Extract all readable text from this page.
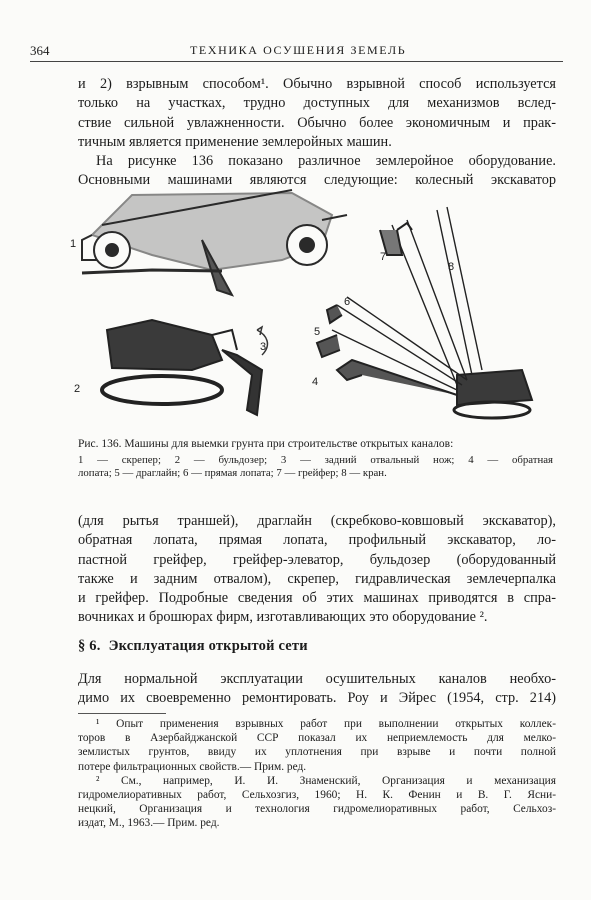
364	ТЕХНИКА ОСУШЕНИЯ ЗЕМЕЛЬ
и 2) взрывным способом¹. Обычно взрывной способ используется
только на участках, трудно доступных для механизмов вслед-
ствие сильной увлажненности. Обычно более экономичным и прак-
тичным является применение землеройных машин.
На рисунке 136 показано различное землеройное оборудование.
Основными машинами являются следующие: колесный экскаватор
1
2
3
4
5
6
7
8
Рис. 136. Машины для выемки грунта при строительстве открытых каналов:
1 — скрепер; 2 — бульдозер; 3 — задний отвальный нож; 4 — обратная
лопата; 5 — драглайн; 6 — прямая лопата; 7 — грейфер; 8 — кран.
(для рытья траншей), драглайн (скребково-ковшовый экскаватор),
обратная лопата, прямая лопата, профильный экскаватор, ло-
пастной грейфер, грейфер-элеватор, бульдозер (оборудованный
также и задним отвалом), скрепер, гидравлическая землечерпалка
и грейфер. Подробные сведения об этих машинах приводятся в спра-
вочниках и брошюрах фирм, изготавливающих это оборудование ².
§ 6. Эксплуатация открытой сети
Для нормальной эксплуатации осушительных каналов необхо-
димо их своевременно ремонтировать. Роу и Эйрес (1954, стр. 214)
¹ Опыт применения взрывных работ при выполнении открытых коллек-
торов в Азербайджанской ССР показал их неприемлемость для мелко-
землистых грунтов, ввиду их уплотнения при взрыве и почти полной
потере фильтрационных свойств.— Прим. ред.
² См., например, И. И. Знаменский, Организация и механизация
гидромелиоративных работ, Сельхозгиз, 1960; Н. К. Фенин и В. Г. Ясни-
нецкий, Организация и технология гидромелиоративных работ, Сельхоз-
издат, М., 1963.— Прим. ред.
